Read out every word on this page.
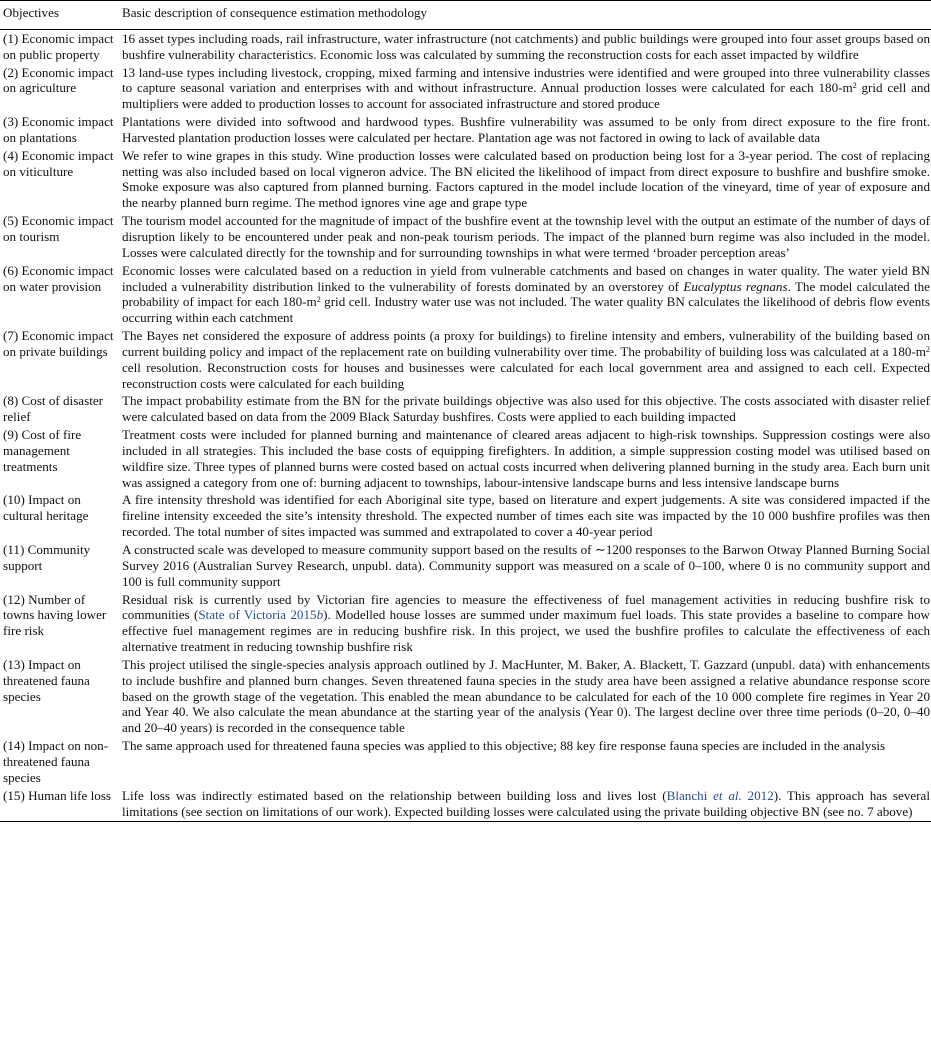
Objectives	Basic description of consequence estimation methodology
(1) Economic impact on public property	16 asset types including roads, rail infrastructure, water infrastructure (not catchments) and public buildings were grouped into four asset groups based on bushfire vulnerability characteristics. Economic loss was calculated by summing the reconstruction costs for each asset impacted by wildfire
(2) Economic impact on agriculture	13 land-use types including livestock, cropping, mixed farming and intensive industries were identified and were grouped into three vulnerability classes to capture seasonal variation and enterprises with and without infrastructure. Annual production losses were calculated for each $180-m^2$ grid cell and multipliers were added to production losses to account for associated infrastructure and stored produce
(3) Economic impact on plantations	Plantations were divided into softwood and hardwood types. Bushfire vulnerability was assumed to be only from direct exposure to the fire front. Harvested plantation production losses were calculated per hectare. Plantation age was not factored in owing to lack of available data
(4) Economic impact on viticulture	We refer to wine grapes in this study. Wine production losses were calculated based on production being lost for a 3-year period. The cost of replacing netting was also included based on local vigneron advice. The BN elicited the likelihood of impact from direct exposure to bushfire and bushfire smoke. Smoke exposure was also captured from planned burning. Factors captured in the model include location of the vineyard, time of year of exposure and the nearby planned burn regime. The method ignores vine age and grape type
(5) Economic impact on tourism	The tourism model accounted for the magnitude of impact of the bushfire event at the township level with the output an estimate of the number of days of disruption likely to be encountered under peak and non-peak tourism periods. The impact of the planned burn regime was also included in the model. Losses were calculated directly for the township and for surrounding townships in what were termed ‘broader perception areas’
(6) Economic impact on water provision	Economic losses were calculated based on a reduction in yield from vulnerable catchments and based on changes in water quality. The water yield BN included a vulnerability distribution linked to the vulnerability of forests dominated by an overstorey of Eucalyptus regnans. The model calculated the probability of impact for each $180-m^2$ grid cell. Industry water use was not included. The water quality BN calculates the likelihood of debris flow events occurring within each catchment
(7) Economic impact on private buildings	The Bayes net considered the exposure of address points (a proxy for buildings) to fireline intensity and embers, vulnerability of the building based on current building policy and impact of the replacement rate on building vulnerability over time. The probability of building loss was calculated at a $180-m^2$ cell resolution. Reconstruction costs for houses and businesses were calculated for each local government area and assigned to each cell. Expected reconstruction costs were calculated for each building
(8) Cost of disaster relief	The impact probability estimate from the BN for the private buildings objective was also used for this objective. The costs associated with disaster relief were calculated based on data from the 2009 Black Saturday bushfires. Costs were applied to each building impacted
(9) Cost of fire management treatments	Treatment costs were included for planned burning and maintenance of cleared areas adjacent to high-risk townships. Suppression costings were also included in all strategies. This included the base costs of equipping firefighters. In addition, a simple suppression costing model was utilised based on wildfire size. Three types of planned burns were costed based on actual costs incurred when delivering planned burning in the study area. Each burn unit was assigned a category from one of: burning adjacent to townships, labour-intensive landscape burns and less intensive landscape burns
(10) Impact on cultural heritage	A fire intensity threshold was identified for each Aboriginal site type, based on literature and expert judgements. A site was considered impacted if the fireline intensity exceeded the site’s intensity threshold. The expected number of times each site was impacted by the 10 000 bushfire profiles was then recorded. The total number of sites impacted was summed and extrapolated to cover a 40-year period
(11) Community support	A constructed scale was developed to measure community support based on the results of ∼1200 responses to the Barwon Otway Planned Burning Social Survey 2016 (Australian Survey Research, unpubl. data). Community support was measured on a scale of 0–100, where 0 is no community support and 100 is full community support
(12) Number of towns having lower fire risk	Residual risk is currently used by Victorian fire agencies to measure the effectiveness of fuel management activities in reducing bushfire risk to communities (State of Victoria 2015b). Modelled house losses are summed under maximum fuel loads. This state provides a baseline to compare how effective fuel management regimes are in reducing bushfire risk. In this project, we used the bushfire profiles to calculate the effectiveness of each alternative treatment in reducing township bushfire risk
(13) Impact on threatened fauna species	This project utilised the single-species analysis approach outlined by J. MacHunter, M. Baker, A. Blackett, T. Gazzard (unpubl. data) with enhancements to include bushfire and planned burn changes. Seven threatened fauna species in the study area have been assigned a relative abundance response score based on the growth stage of the vegetation. This enabled the mean abundance to be calculated for each of the 10 000 complete fire regimes in Year 20 and Year 40. We also calculate the mean abundance at the starting year of the analysis (Year 0). The largest decline over three time periods (0–20, 0–40 and 20–40 years) is recorded in the consequence table
(14) Impact on non-threatened fauna species	The same approach used for threatened fauna species was applied to this objective; 88 key fire response fauna species are included in the analysis
(15) Human life loss	Life loss was indirectly estimated based on the relationship between building loss and lives lost (Blanchi et al. 2012). This approach has several limitations (see section on limitations of our work). Expected building losses were calculated using the private building objective BN (see no. 7 above)
